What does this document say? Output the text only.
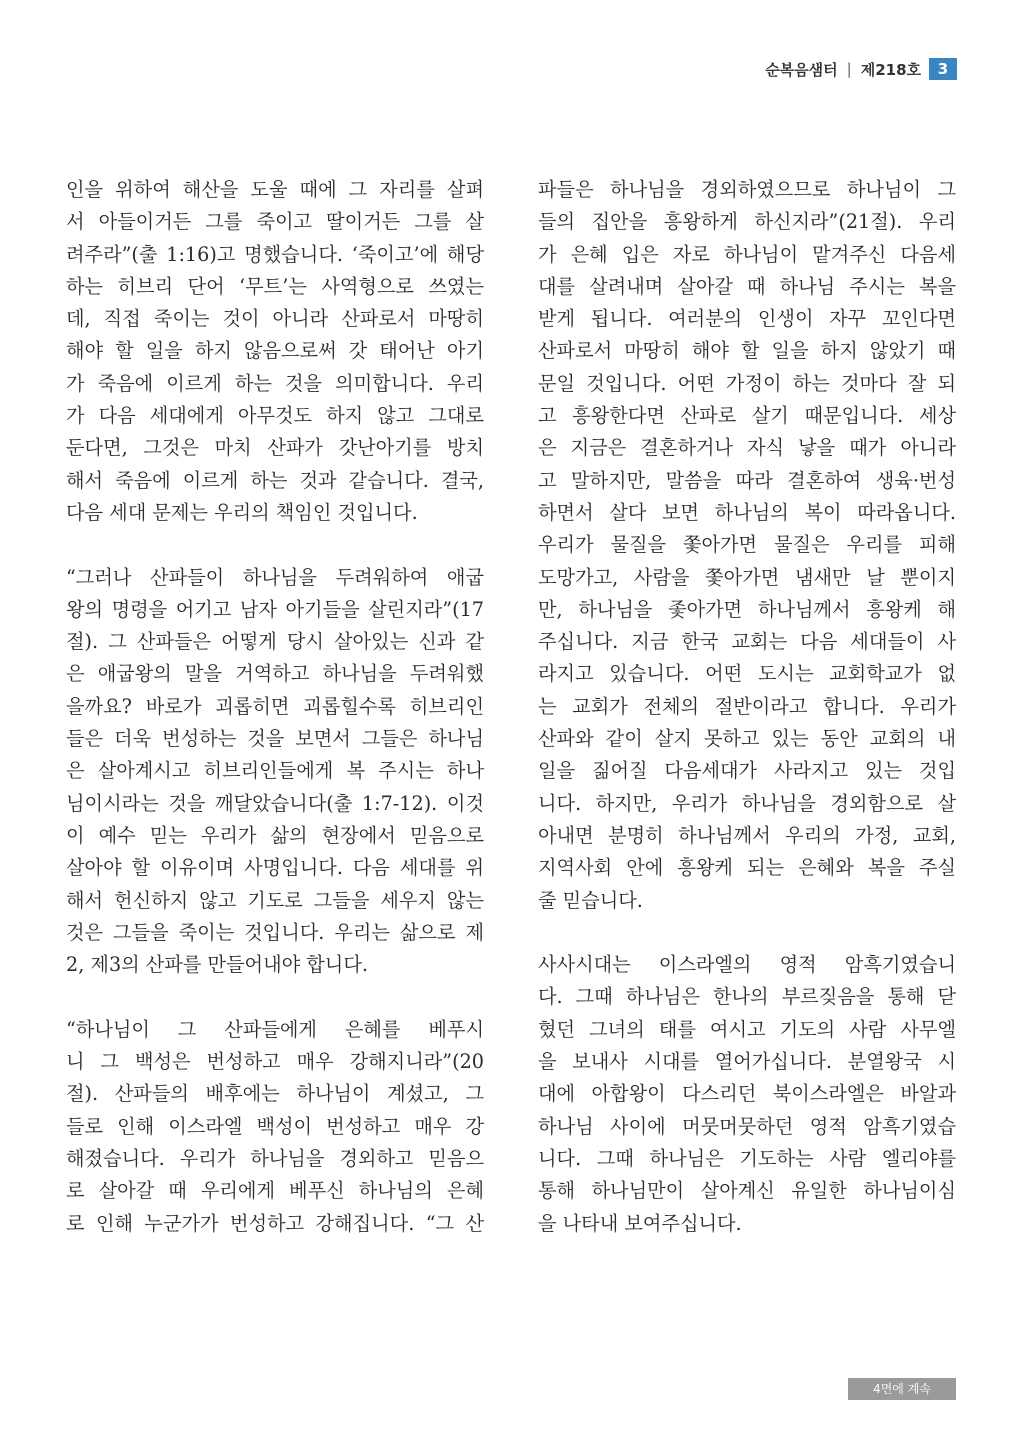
순복음샘터 | 제218호	3
인을 위하여 해산을 도울 때에 그 자리를 살펴
서 아들이거든 그를 죽이고 딸이거든 그를 살
려주라”(출 1:16)고 명했습니다. ‘죽이고’에 해당
하는 히브리 단어 ‘무트’는 사역형으로 쓰였는
데, 직접 죽이는 것이 아니라 산파로서 마땅히
해야 할 일을 하지 않음으로써 갓 태어난 아기
가 죽음에 이르게 하는 것을 의미합니다. 우리
가 다음 세대에게 아무것도 하지 않고 그대로
둔다면, 그것은 마치 산파가 갓난아기를 방치
해서 죽음에 이르게 하는 것과 같습니다. 결국,
다음 세대 문제는 우리의 책임인 것입니다.

“그러나 산파들이 하나님을 두려워하여 애굽
왕의 명령을 어기고 남자 아기들을 살린지라”(17
절). 그 산파들은 어떻게 당시 살아있는 신과 같
은 애굽왕의 말을 거역하고 하나님을 두려워했
을까요? 바로가 괴롭히면 괴롭힐수록 히브리인
들은 더욱 번성하는 것을 보면서 그들은 하나님
은 살아계시고 히브리인들에게 복 주시는 하나
님이시라는 것을 깨달았습니다(출 1:7-12). 이것
이 예수 믿는 우리가 삶의 현장에서 믿음으로
살아야 할 이유이며 사명입니다. 다음 세대를 위
해서 헌신하지 않고 기도로 그들을 세우지 않는
것은 그들을 죽이는 것입니다. 우리는 삶으로 제
2, 제3의 산파를 만들어내야 합니다.

“하나님이 그 산파들에게 은혜를 베푸시
니 그 백성은 번성하고 매우 강해지니라”(20
절). 산파들의 배후에는 하나님이 계셨고, 그
들로 인해 이스라엘 백성이 번성하고 매우 강
해졌습니다. 우리가 하나님을 경외하고 믿음으
로 살아갈 때 우리에게 베푸신 하나님의 은혜
로 인해 누군가가 번성하고 강해집니다. “그 산
파들은 하나님을 경외하였으므로 하나님이 그
들의 집안을 흥왕하게 하신지라”(21절). 우리
가 은혜 입은 자로 하나님이 맡겨주신 다음세
대를 살려내며 살아갈 때 하나님 주시는 복을
받게 됩니다. 여러분의 인생이 자꾸 꼬인다면
산파로서 마땅히 해야 할 일을 하지 않았기 때
문일 것입니다. 어떤 가정이 하는 것마다 잘 되
고 흥왕한다면 산파로 살기 때문입니다. 세상
은 지금은 결혼하거나 자식 낳을 때가 아니라
고 말하지만, 말씀을 따라 결혼하여 생육·번성
하면서 살다 보면 하나님의 복이 따라옵니다.
우리가 물질을 쫓아가면 물질은 우리를 피해
도망가고, 사람을 쫓아가면 냄새만 날 뿐이지
만, 하나님을 좇아가면 하나님께서 흥왕케 해
주십니다. 지금 한국 교회는 다음 세대들이 사
라지고 있습니다. 어떤 도시는 교회학교가 없
는 교회가 전체의 절반이라고 합니다. 우리가
산파와 같이 살지 못하고 있는 동안 교회의 내
일을 짊어질 다음세대가 사라지고 있는 것입
니다. 하지만, 우리가 하나님을 경외함으로 살
아내면 분명히 하나님께서 우리의 가정, 교회,
지역사회 안에 흥왕케 되는 은혜와 복을 주실
줄 믿습니다.

사사시대는 이스라엘의 영적 암흑기였습니
다. 그때 하나님은 한나의 부르짖음을 통해 닫
혔던 그녀의 태를 여시고 기도의 사람 사무엘
을 보내사 시대를 열어가십니다. 분열왕국 시
대에 아합왕이 다스리던 북이스라엘은 바알과
하나님 사이에 머뭇머뭇하던 영적 암흑기였습
니다. 그때 하나님은 기도하는 사람 엘리야를
통해 하나님만이 살아계신 유일한 하나님이심
을 나타내 보여주십니다.
4면에 계속
